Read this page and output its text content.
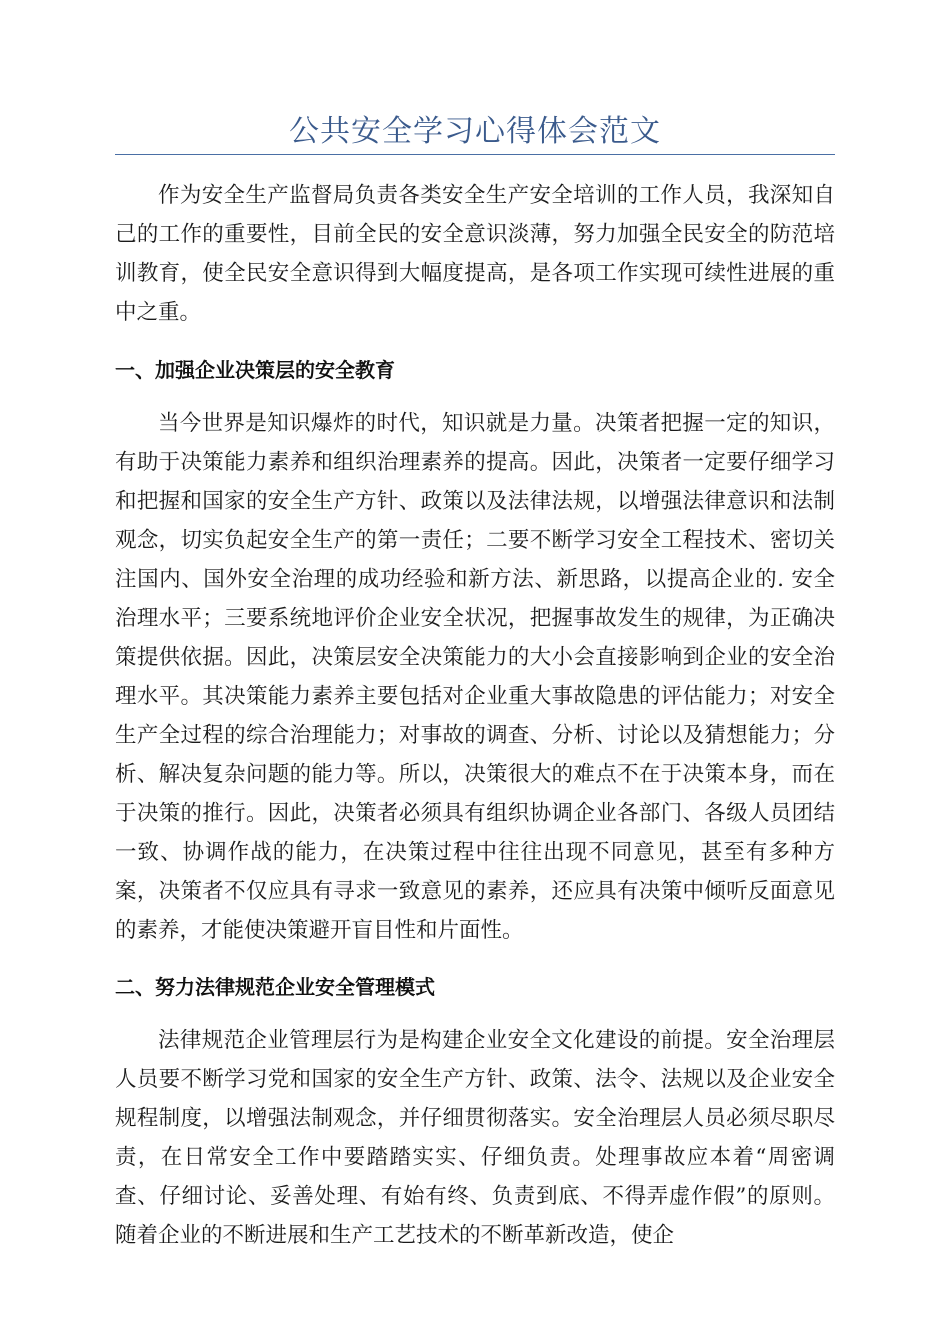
公共安全学习心得体会范文

作为安全生产监督局负责各类安全生产安全培训的工作人员，我深知自己的工作的重要性，目前全民的安全意识淡薄，努力加强全民安全的防范培训教育，使全民安全意识得到大幅度提高，是各项工作实现可续性进展的重中之重。

一、加强企业决策层的安全教育

当今世界是知识爆炸的时代，知识就是力量。决策者把握一定的知识，有助于决策能力素养和组织治理素养的提高。因此，决策者一定要仔细学习和把握和国家的安全生产方针、政策以及法律法规，以增强法律意识和法制观念，切实负起安全生产的第一责任；二要不断学习安全工程技术、密切关注国内、国外安全治理的成功经验和新方法、新思路，以提高企业的. 安全治理水平；三要系统地评价企业安全状况，把握事故发生的规律，为正确决策提供依据。因此，决策层安全决策能力的大小会直接影响到企业的安全治理水平。其决策能力素养主要包括对企业重大事故隐患的评估能力；对安全生产全过程的综合治理能力；对事故的调查、分析、讨论以及猜想能力；分析、解决复杂问题的能力等。所以，决策很大的难点不在于决策本身，而在于决策的推行。因此，决策者必须具有组织协调企业各部门、各级人员团结一致、协调作战的能力，在决策过程中往往出现不同意见，甚至有多种方案，决策者不仅应具有寻求一致意见的素养，还应具有决策中倾听反面意见的素养，才能使决策避开盲目性和片面性。

二、努力法律规范企业安全管理模式

法律规范企业管理层行为是构建企业安全文化建设的前提。安全治理层人员要不断学习党和国家的安全生产方针、政策、法令、法规以及企业安全规程制度，以增强法制观念，并仔细贯彻落实。安全治理层人员必须尽职尽责，在日常安全工作中要踏踏实实、仔细负责。处理事故应本着“周密调查、仔细讨论、妥善处理、有始有终、负责到底、不得弄虚作假”的原则。随着企业的不断进展和生产工艺技术的不断革新改造，使企
